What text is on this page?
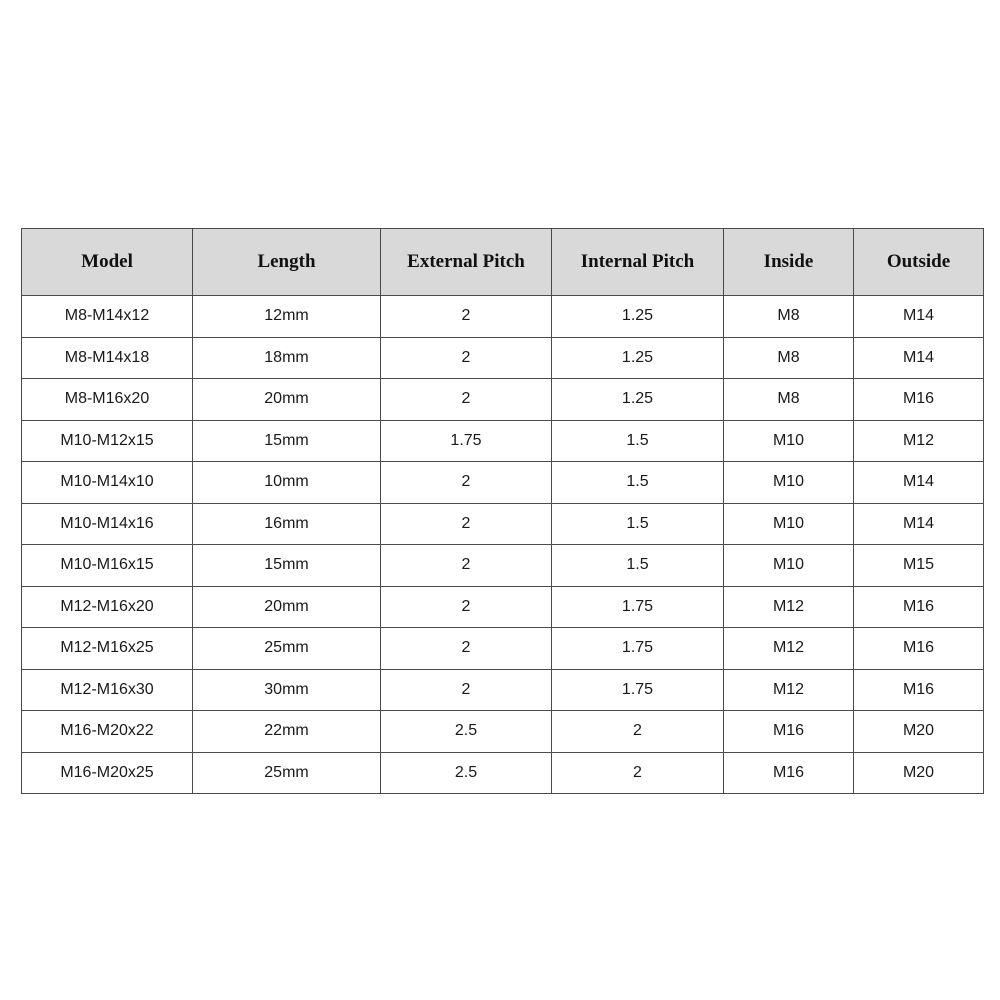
Model	Length	External Pitch	Internal Pitch	Inside	Outside
M8-M14x12	12mm	2	1.25	M8	M14
M8-M14x18	18mm	2	1.25	M8	M14
M8-M16x20	20mm	2	1.25	M8	M16
M10-M12x15	15mm	1.75	1.5	M10	M12
M10-M14x10	10mm	2	1.5	M10	M14
M10-M14x16	16mm	2	1.5	M10	M14
M10-M16x15	15mm	2	1.5	M10	M15
M12-M16x20	20mm	2	1.75	M12	M16
M12-M16x25	25mm	2	1.75	M12	M16
M12-M16x30	30mm	2	1.75	M12	M16
M16-M20x22	22mm	2.5	2	M16	M20
M16-M20x25	25mm	2.5	2	M16	M20
